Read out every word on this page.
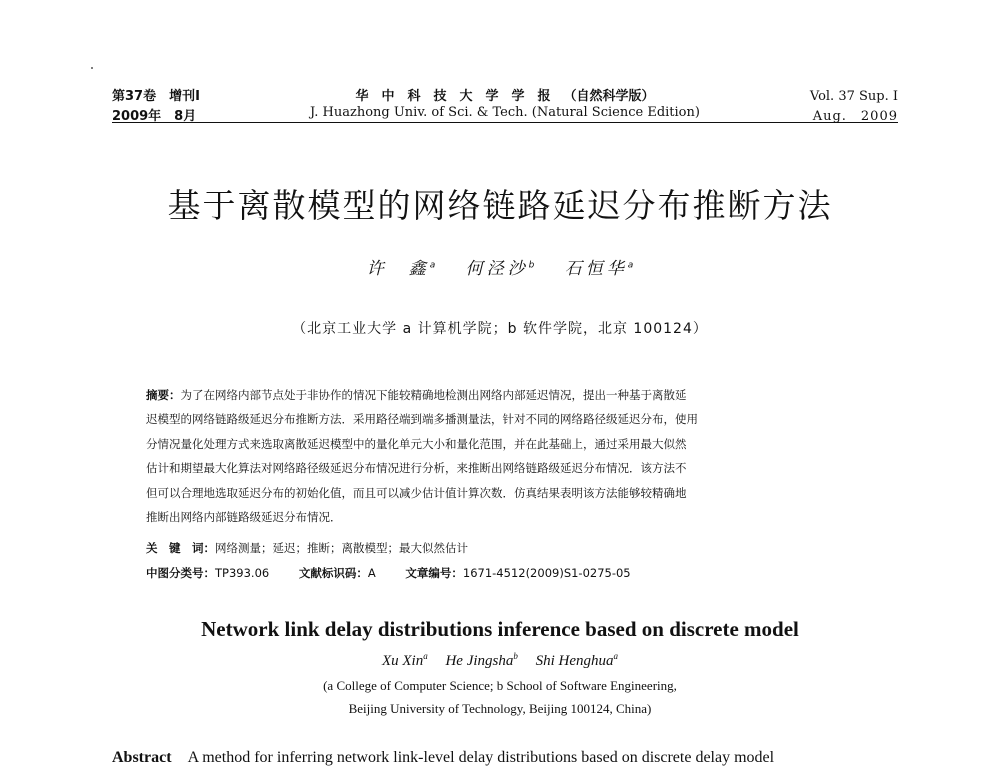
第37卷　增刊Ⅰ	华中科技大学学报（自然科学版）	Vol. 37 Sup. Ⅰ
2009年　8月	J. Huazhong Univ. of Sci. & Tech. (Natural Science Edition)	Aug.　2009
基于离散模型的网络链路延迟分布推断方法
许　鑫$^a$　 何泾沙$^b$　 石恒华$^a$
（北京工业大学 a 计算机学院；b 软件学院，北京 100124）
摘要：为了在网络内部节点处于非协作的情况下能较精确地检测出网络内部延迟情况，提出一种基于离散延
迟模型的网络链路级延迟分布推断方法．采用路径端到端多播测量法，针对不同的网络路径级延迟分布，使用
分情况量化处理方式来选取离散延迟模型中的量化单元大小和量化范围，并在此基础上，通过采用最大似然
估计和期望最大化算法对网络路径级延迟分布情况进行分析，来推断出网络链路级延迟分布情况．该方法不
但可以合理地选取延迟分布的初始化值，而且可以减少估计值计算次数．仿真结果表明该方法能够较精确地
推断出网络内部链路级延迟分布情况．
关　键　词：网络测量；延迟；推断；离散模型；最大似然估计
中图分类号：TP393.06	文献标识码：A	文章编号：1671-4512(2009)S1-0275-05
Network link delay distributions inference based on discrete model
Xu Xin$^a$ He Jingsha$^b$ Shi Henghua$^a$
(a College of Computer Science; b School of Software Engineering,
Beijing University of Technology, Beijing 100124, China)
Abstract　 A method for inferring network link-level delay distributions based on discrete delay model
